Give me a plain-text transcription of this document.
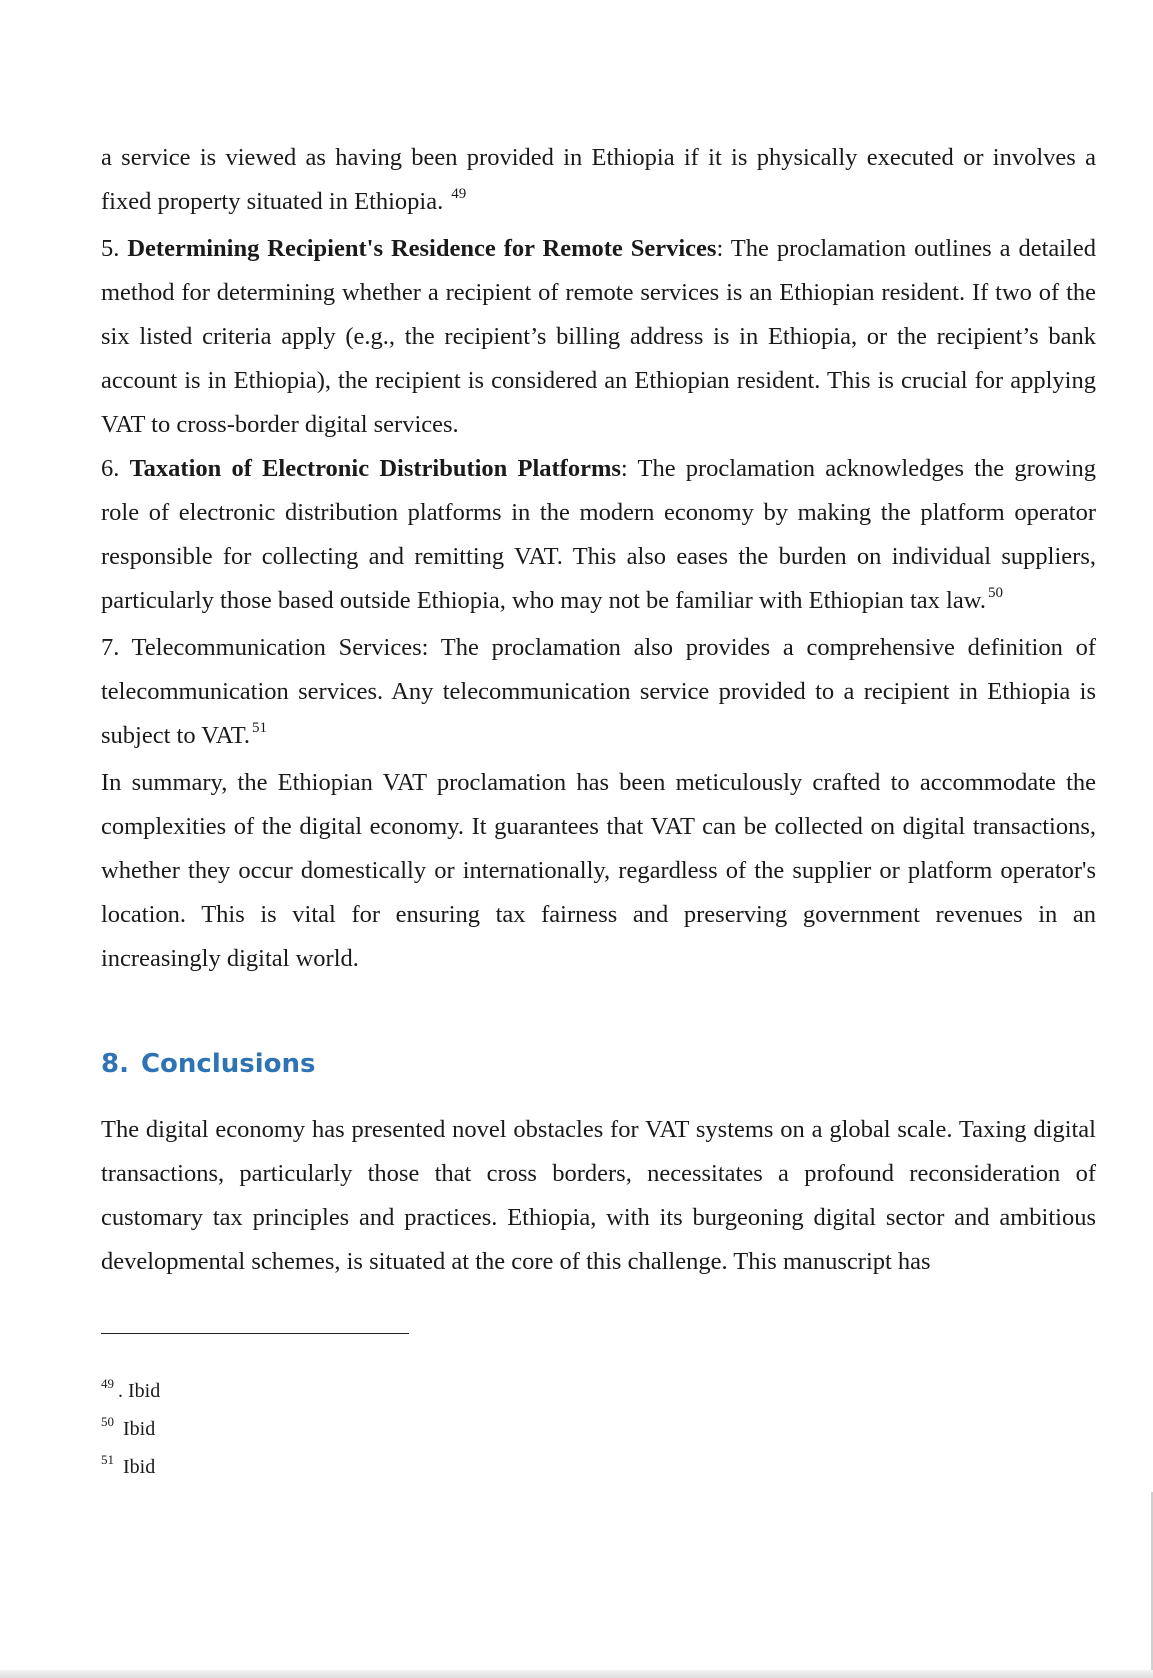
a service is viewed as having been provided in Ethiopia if it is physically executed or involves a fixed property situated in Ethiopia. $^{49}$

5. Determining Recipient's Residence for Remote Services: The proclamation outlines a detailed method for determining whether a recipient of remote services is an Ethiopian resident. If two of the six listed criteria apply (e.g., the recipient’s billing address is in Ethiopia, or the recipient’s bank account is in Ethiopia), the recipient is considered an Ethiopian resident. This is crucial for applying VAT to cross-border digital services.

6. Taxation of Electronic Distribution Platforms: The proclamation acknowledges the growing role of electronic distribution platforms in the modern economy by making the platform operator responsible for collecting and remitting VAT. This also eases the burden on individual suppliers, particularly those based outside Ethiopia, who may not be familiar with Ethiopian tax law. $^{50}$

7. Telecommunication Services: The proclamation also provides a comprehensive definition of telecommunication services. Any telecommunication service provided to a recipient in Ethiopia is subject to VAT. $^{51}$

In summary, the Ethiopian VAT proclamation has been meticulously crafted to accommodate the complexities of the digital economy. It guarantees that VAT can be collected on digital transactions, whether they occur domestically or internationally, regardless of the supplier or platform operator's location. This is vital for ensuring tax fairness and preserving government revenues in an increasingly digital world.

8. Conclusions

The digital economy has presented novel obstacles for VAT systems on a global scale. Taxing digital transactions, particularly those that cross borders, necessitates a profound reconsideration of customary tax principles and practices. Ethiopia, with its burgeoning digital sector and ambitious developmental schemes, is situated at the core of this challenge. This manuscript has

$^{49}$ . Ibid

$^{50}$ Ibid

$^{51}$ Ibid
